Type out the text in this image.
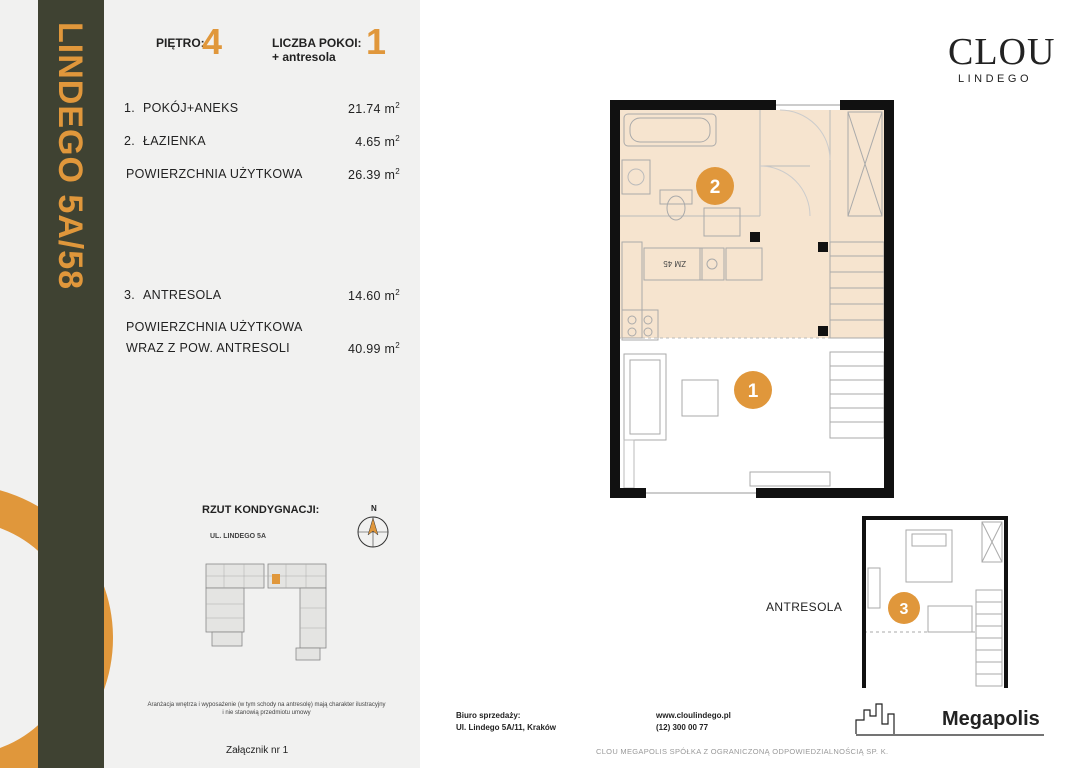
LINDEGO 5A/58	PIĘTRO:
4	LICZBA POKOI: 1
+ antresola
1. POKÓJ+ANEKS	21.74 $m^2$
2. ŁAZIENKA	4.65 $m^2$
POWIERZCHNIA UŻYTKOWA	26.39 $m^2$
3. ANTRESOLA	14.60 $m^2$
POWIERZCHNIA UŻYTKOWA
WRAZ Z POW. ANTRESOLI	40.99 $m^2$
RZUT KONDYGNACJI:
UL. LINDEGO 5A
N
Aranżacja wnętrza i wyposażenie (w tym schody na antresolę) mają charakter ilustracyjny
i nie stanowią przedmiotu umowy
Załącznik nr 1
CLOU
LINDEGO
ZM 45
2
1
ANTRESOLA	3
Biuro sprzedaży:
Ul. Lindego 5A/11, Kraków
www.cloulindego.pl
(12) 300 00 77
CLOU MEGAPOLIS SPÓŁKA Z OGRANICZONĄ ODPOWIEDZIALNOŚCIĄ SP. K.
Megapolis
